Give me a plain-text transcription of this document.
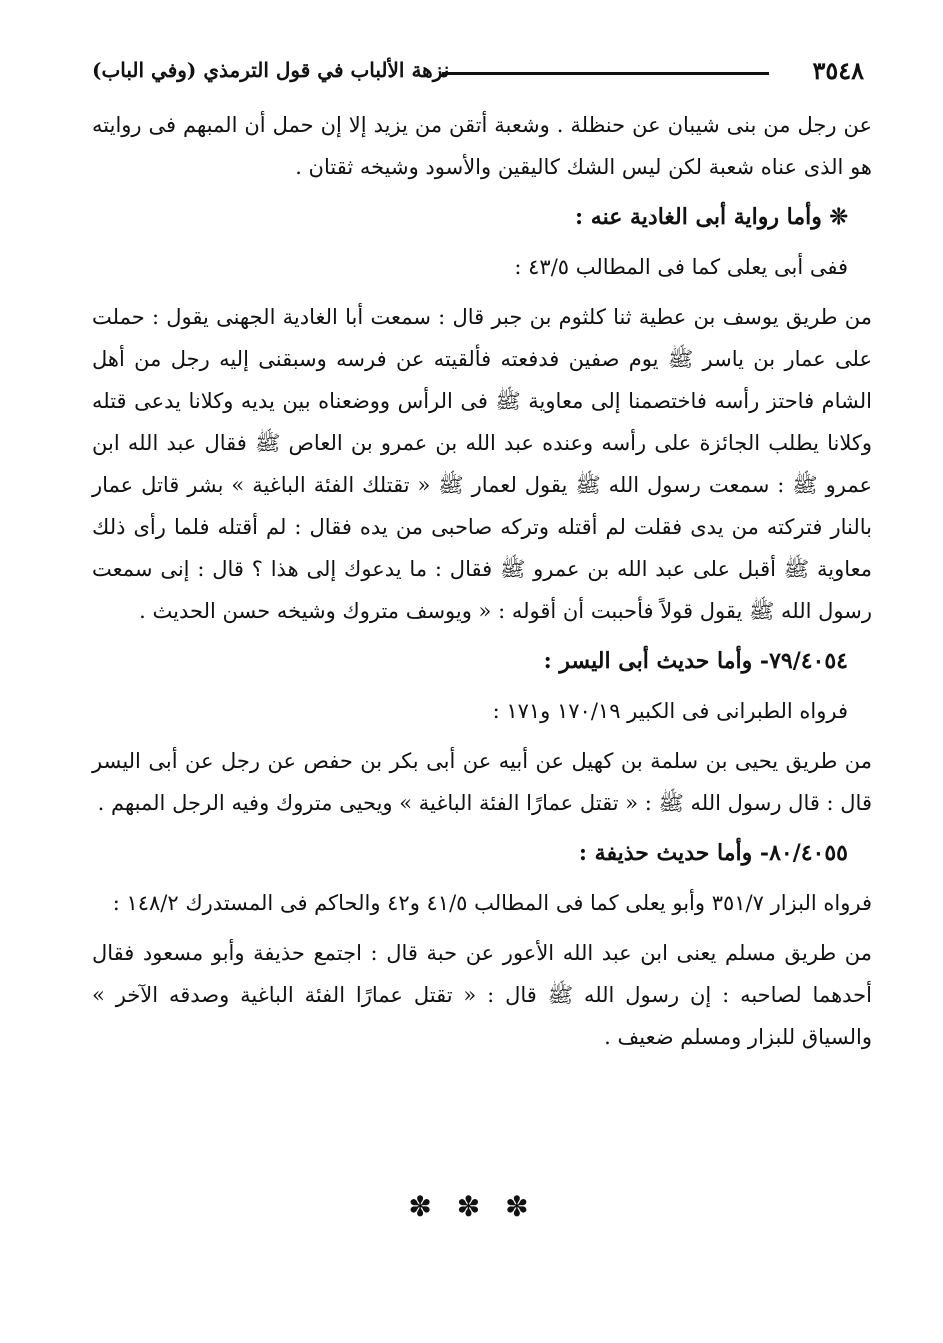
٣٥٤٨
نزهة الألباب في قول الترمذي (وفي الباب)

عن رجل من بنى شيبان عن حنظلة . وشعبة أتقن من يزيد إلا إن حمل أن المبهم فى روايته هو الذى عناه شعبة لكن ليس الشك كاليقين والأسود وشيخه ثقتان .

❊ وأما رواية أبى الغادية عنه :

ففى أبى يعلى كما فى المطالب ٤٣/٥ :

من طريق يوسف بن عطية ثنا كلثوم بن جبر قال : سمعت أبا الغادية الجهنى يقول : حملت على عمار بن ياسر ﷺ يوم صفين فدفعته فألقيته عن فرسه وسبقنى إليه رجل من أهل الشام فاحتز رأسه فاختصمنا إلى معاوية ﷺ فى الرأس ووضعناه بين يديه وكلانا يدعى قتله وكلانا يطلب الجائزة على رأسه وعنده عبد الله بن عمرو بن العاص ﷺ فقال عبد الله ابن عمرو ﷺ : سمعت رسول الله ﷺ يقول لعمار ﷺ « تقتلك الفئة الباغية » بشر قاتل عمار بالنار فتركته من يدى فقلت لم أقتله وتركه صاحبى من يده فقال : لم أقتله فلما رأى ذلك معاوية ﷺ أقبل على عبد الله بن عمرو ﷺ فقال : ما يدعوك إلى هذا ؟ قال : إنى سمعت رسول الله ﷺ يقول قولاً فأحببت أن أقوله : « ويوسف متروك وشيخه حسن الحديث .

٧٩/٤٠٥٤- وأما حديث أبى اليسر :

فرواه الطبرانى فى الكبير ١٧٠/١٩ و١٧١ :

من طريق يحيى بن سلمة بن كهيل عن أبيه عن أبى بكر بن حفص عن رجل عن أبى اليسر قال : قال رسول الله ﷺ : « تقتل عمارًا الفئة الباغية » ويحيى متروك وفيه الرجل المبهم .

٨٠/٤٠٥٥- وأما حديث حذيفة :

فرواه البزار ٣٥١/٧ وأبو يعلى كما فى المطالب ٤١/٥ و٤٢ والحاكم فى المستدرك ١٤٨/٢ :

من طريق مسلم يعنى ابن عبد الله الأعور عن حبة قال : اجتمع حذيفة وأبو مسعود فقال أحدهما لصاحبه : إن رسول الله ﷺ قال : « تقتل عمارًا الفئة الباغية وصدقه الآخر » والسياق للبزار ومسلم ضعيف .

✽ ✽ ✽
